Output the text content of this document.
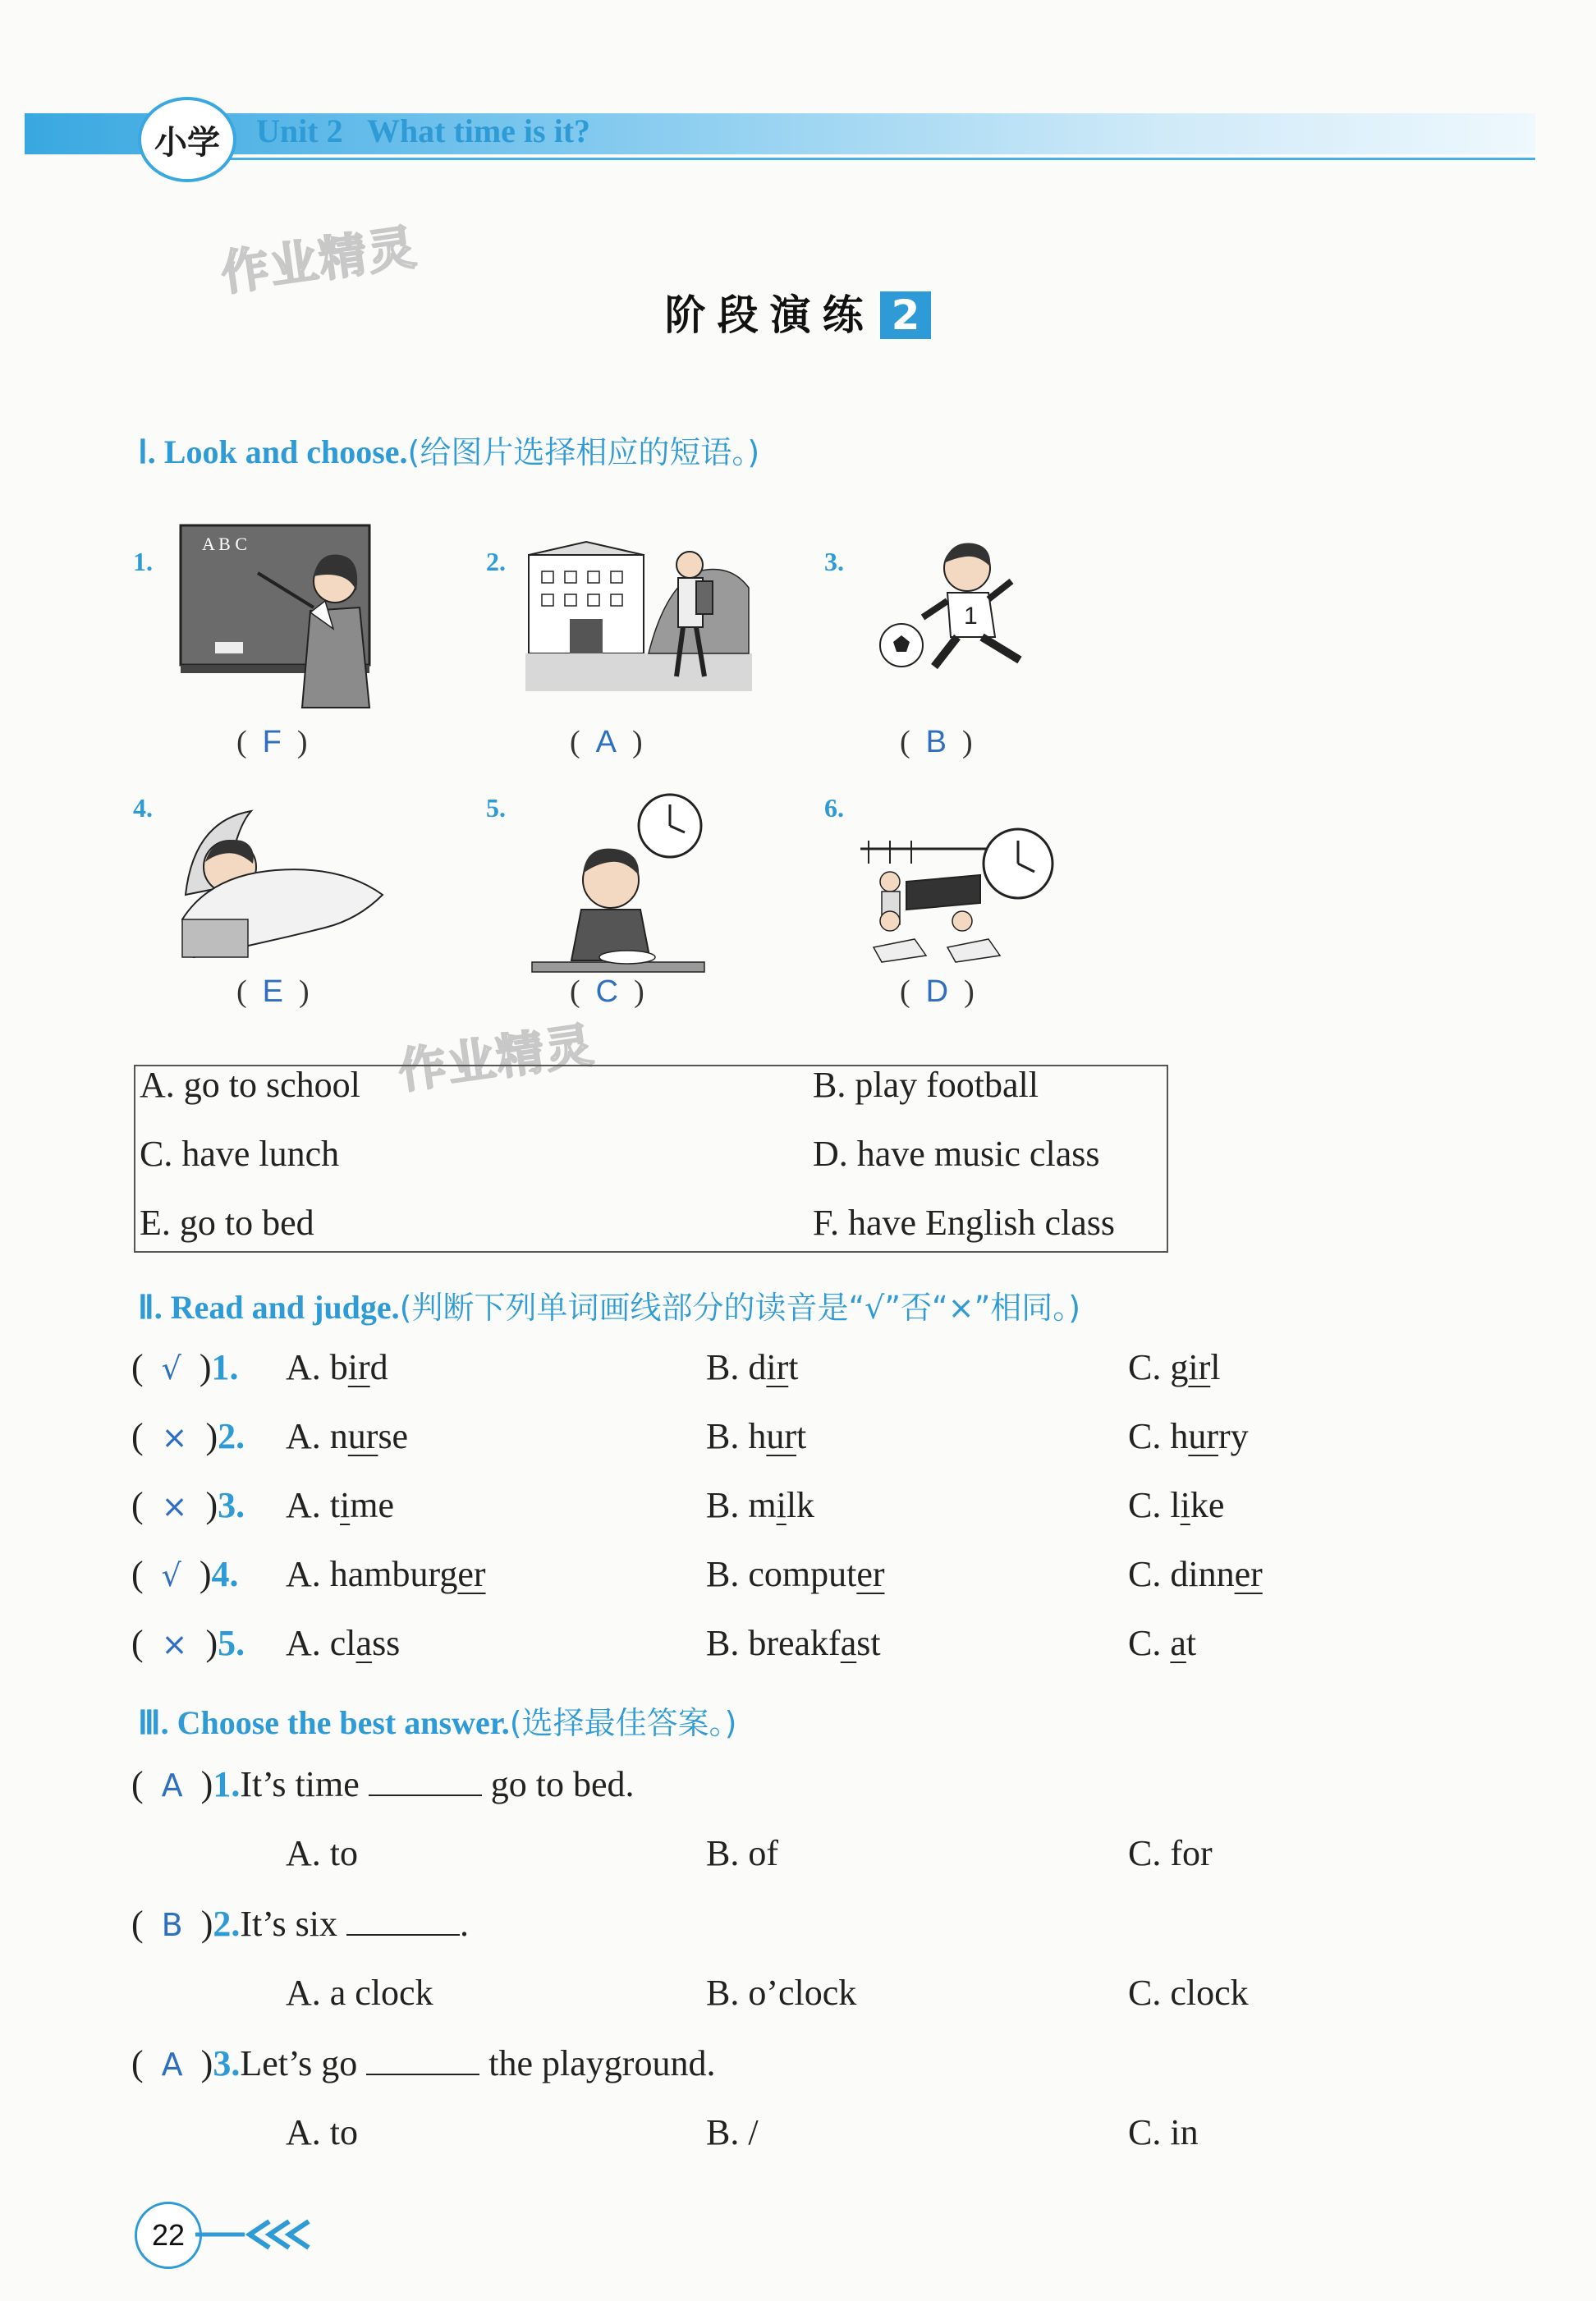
小学 Unit 2   What time is it?
作业精灵
作业精灵
阶段演练 2
Ⅰ. Look and choose.(给图片选择相应的短语。)
1.
A B C
(  F  )
2.
(  A  )
3.
1
(  B  )
4.
(  E  )
5.
(  C  )
6.
(  D  )
A. go to school	B. play football
C. have lunch	D. have music class
E. go to bed	F. have English class
Ⅱ. Read and judge.(判断下列单词画线部分的读音是“√”否“×”相同。)
(  √  )1. A. bird	B. dirt	C. girl
(  ×  )2. A. nurse	B. hurt	C. hurry
(  ×  )3. A. time	B. milk	C. like
(  √  )4. A. hamburger	B. computer	C. dinner
(  ×  )5. A. class	B. breakfast	C. at
Ⅲ. Choose the best answer.(选择最佳答案。)
(  A  )1.It’s time	go to bed.
A. to	B. of	C. for
(  B  )2.It’s six	.
A. a clock	B. o’clock	C. clock
(  A  )3.Let’s go	the playground.
A. to	B. /	C. in
22
